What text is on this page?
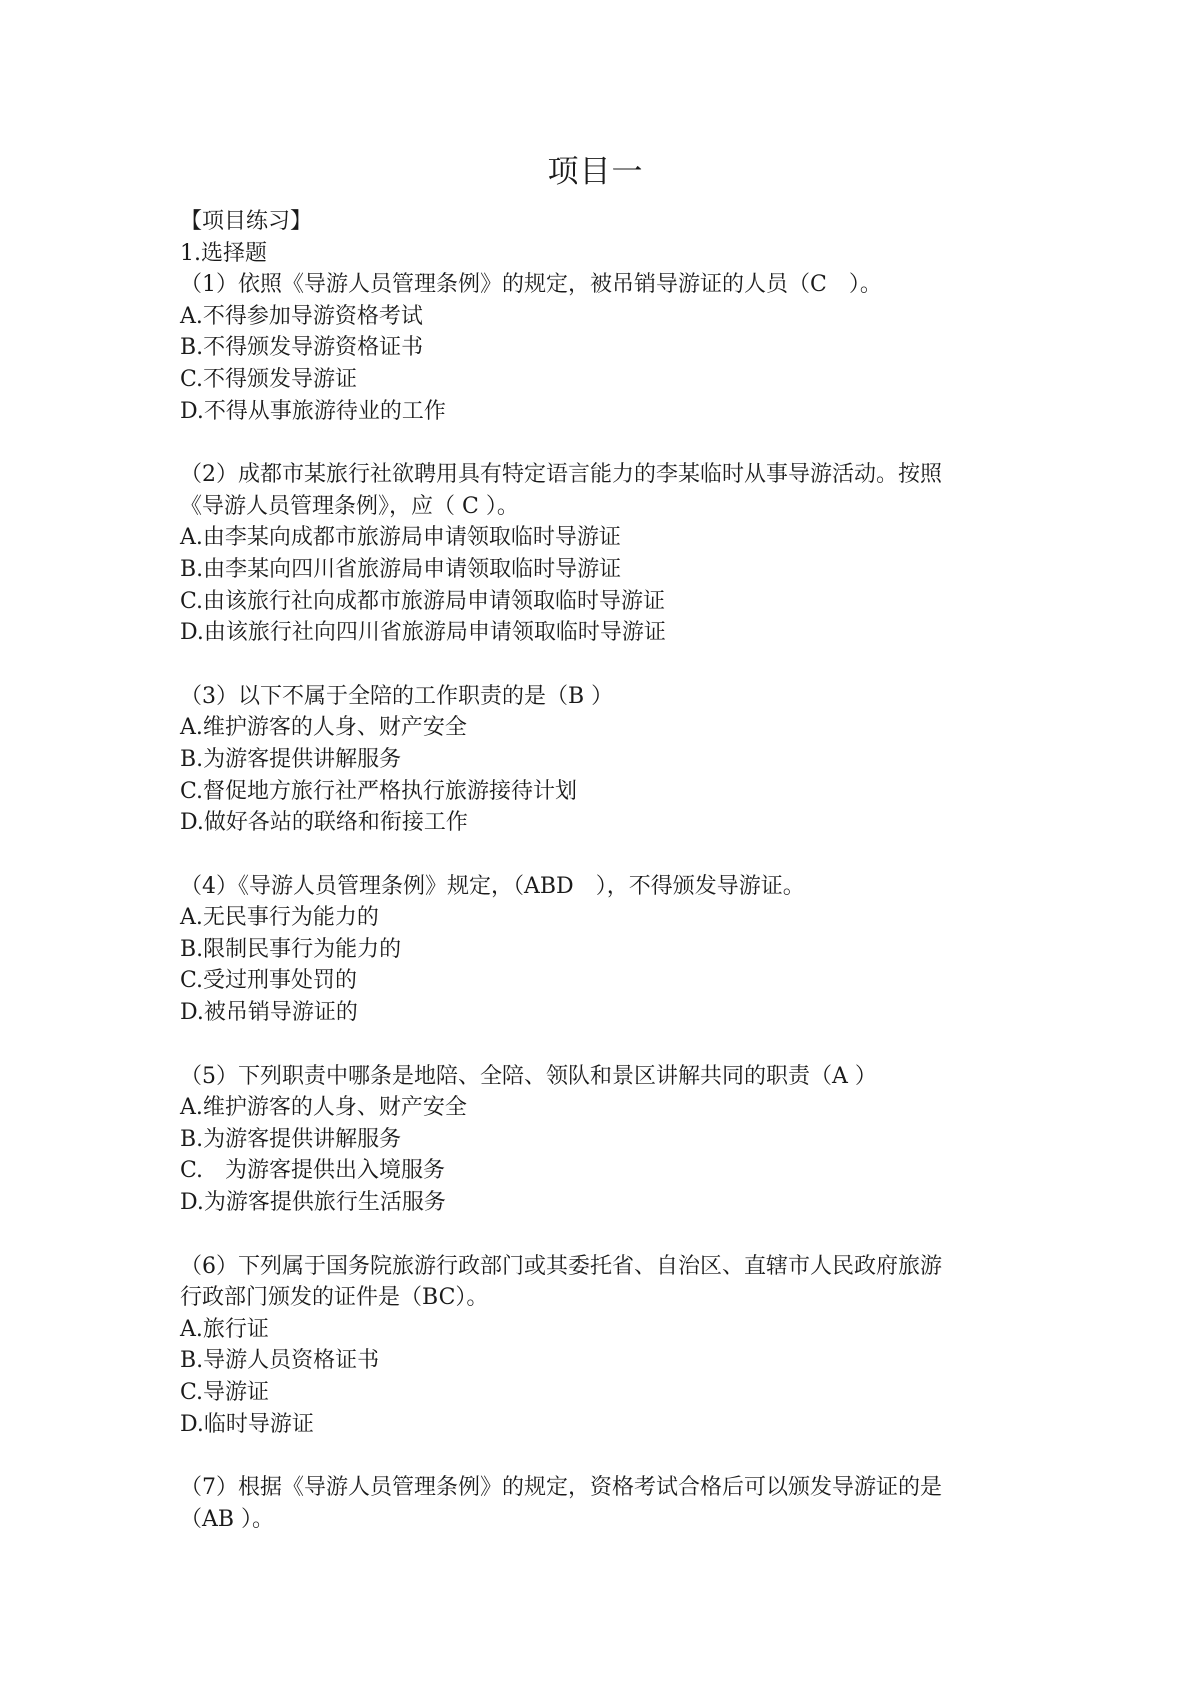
项目一
【项目练习】
1.选择题
（1）依照《导游人员管理条例》的规定，被吊销导游证的人员（C　）。
A.不得参加导游资格考试
B.不得颁发导游资格证书
C.不得颁发导游证
D.不得从事旅游待业的工作
（2）成都市某旅行社欲聘用具有特定语言能力的李某临时从事导游活动。按照
《导游人员管理条例》，应（ C ）。
A.由李某向成都市旅游局申请领取临时导游证
B.由李某向四川省旅游局申请领取临时导游证
C.由该旅行社向成都市旅游局申请领取临时导游证
D.由该旅行社向四川省旅游局申请领取临时导游证
（3）以下不属于全陪的工作职责的是（B ）
A.维护游客的人身、财产安全
B.为游客提供讲解服务
C.督促地方旅行社严格执行旅游接待计划
D.做好各站的联络和衔接工作
（4）《导游人员管理条例》规定，（ABD　），不得颁发导游证。
A.无民事行为能力的
B.限制民事行为能力的
C.受过刑事处罚的
D.被吊销导游证的
（5）下列职责中哪条是地陪、全陪、领队和景区讲解共同的职责（A ）
A.维护游客的人身、财产安全
B.为游客提供讲解服务
C.　为游客提供出入境服务
D.为游客提供旅行生活服务
（6）下列属于国务院旅游行政部门或其委托省、自治区、直辖市人民政府旅游
行政部门颁发的证件是（BC）。
A.旅行证
B.导游人员资格证书
C.导游证
D.临时导游证
（7）根据《导游人员管理条例》的规定，资格考试合格后可以颁发导游证的是
（AB ）。
